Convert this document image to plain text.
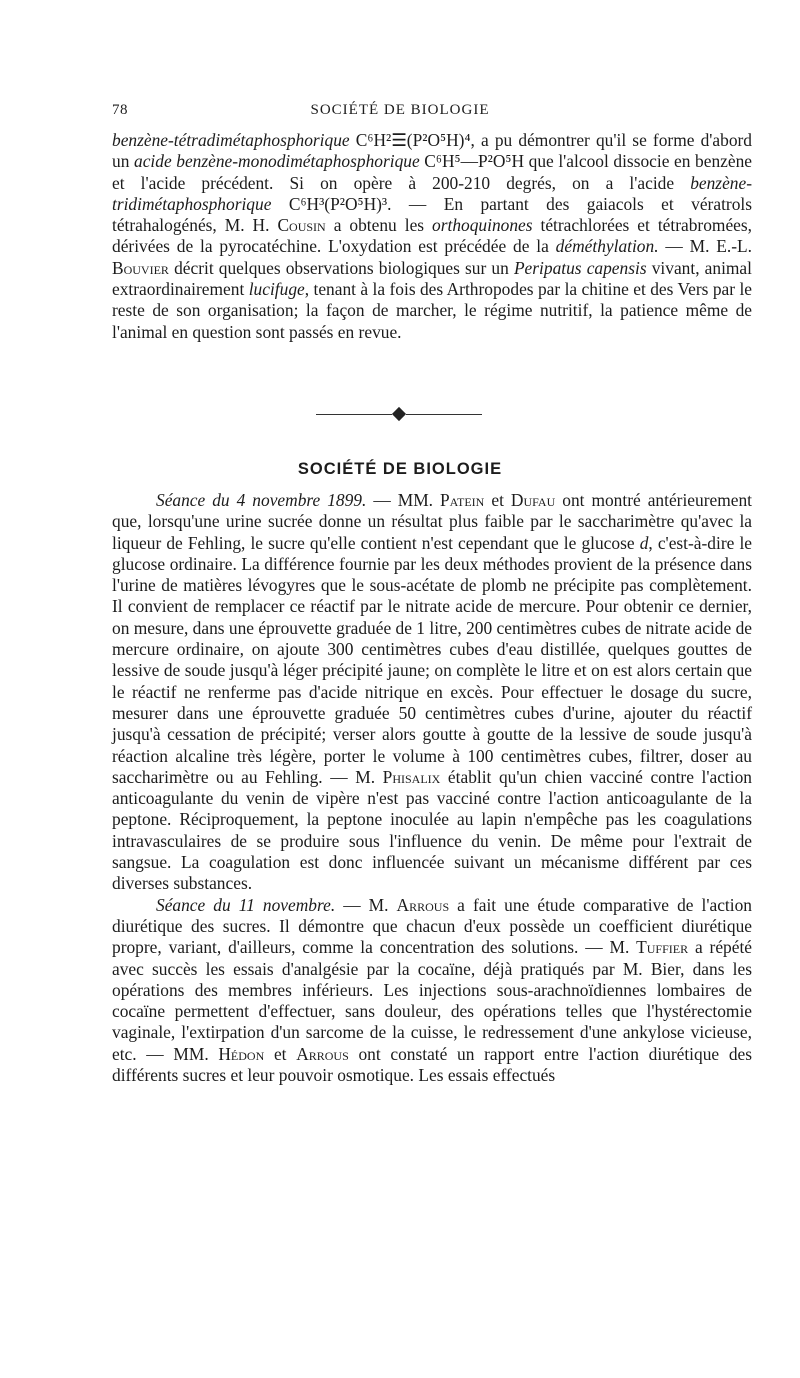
78	SOCIÉTÉ DE BIOLOGIE

benzène-tétradimétaphosphorique C⁶H²☰(P²O⁵H)⁴, a pu démontrer qu'il se forme d'abord un acide benzène-monodimétaphosphorique C⁶H⁵—P²O⁵H que l'alcool dissocie en benzène et l'acide précédent. Si on opère à 200-210 degrés, on a l'acide benzène-tridimétaphosphorique C⁶H³(P²O⁵H)³. — En partant des gaiacols et vératrols tétrahalogénés, M. H. Cousin a obtenu les orthoquinones tétrachlorées et tétrabromées, dérivées de la pyrocatéchine. L'oxydation est précédée de la déméthylation. — M. E.-L. Bouvier décrit quelques observations biologiques sur un Peripatus capensis vivant, animal extraordinairement lucifuge, tenant à la fois des Arthropodes par la chitine et des Vers par le reste de son organisation; la façon de marcher, le régime nutritif, la patience même de l'animal en question sont passés en revue.

SOCIÉTÉ DE BIOLOGIE

Séance du 4 novembre 1899. — MM. Patein et Dufau ont montré antérieurement que, lorsqu'une urine sucrée donne un résultat plus faible par le saccharimètre qu'avec la liqueur de Fehling, le sucre qu'elle contient n'est cependant que le glucose d, c'est-à-dire le glucose ordinaire. La différence fournie par les deux méthodes provient de la présence dans l'urine de matières lévogyres que le sous-acétate de plomb ne précipite pas complètement. Il convient de remplacer ce réactif par le nitrate acide de mercure. Pour obtenir ce dernier, on mesure, dans une éprouvette graduée de 1 litre, 200 centimètres cubes de nitrate acide de mercure ordinaire, on ajoute 300 centimètres cubes d'eau distillée, quelques gouttes de lessive de soude jusqu'à léger précipité jaune; on complète le litre et on est alors certain que le réactif ne renferme pas d'acide nitrique en excès. Pour effectuer le dosage du sucre, mesurer dans une éprouvette graduée 50 centimètres cubes d'urine, ajouter du réactif jusqu'à cessation de précipité; verser alors goutte à goutte de la lessive de soude jusqu'à réaction alcaline très légère, porter le volume à 100 centimètres cubes, filtrer, doser au saccharimètre ou au Fehling. — M. Phisalix établit qu'un chien vacciné contre l'action anticoagulante du venin de vipère n'est pas vacciné contre l'action anticoagulante de la peptone. Réciproquement, la peptone inoculée au lapin n'empêche pas les coagulations intravasculaires de se produire sous l'influence du venin. De même pour l'extrait de sangsue. La coagulation est donc influencée suivant un mécanisme différent par ces diverses substances.

Séance du 11 novembre. — M. Arrous a fait une étude comparative de l'action diurétique des sucres. Il démontre que chacun d'eux possède un coefficient diurétique propre, variant, d'ailleurs, comme la concentration des solutions. — M. Tuffier a répété avec succès les essais d'analgésie par la cocaïne, déjà pratiqués par M. Bier, dans les opérations des membres inférieurs. Les injections sous-arachnoïdiennes lombaires de cocaïne permettent d'effectuer, sans douleur, des opérations telles que l'hystérectomie vaginale, l'extirpation d'un sarcome de la cuisse, le redressement d'une ankylose vicieuse, etc. — MM. Hédon et Arrous ont constaté un rapport entre l'action diurétique des différents sucres et leur pouvoir osmotique. Les essais effectués
